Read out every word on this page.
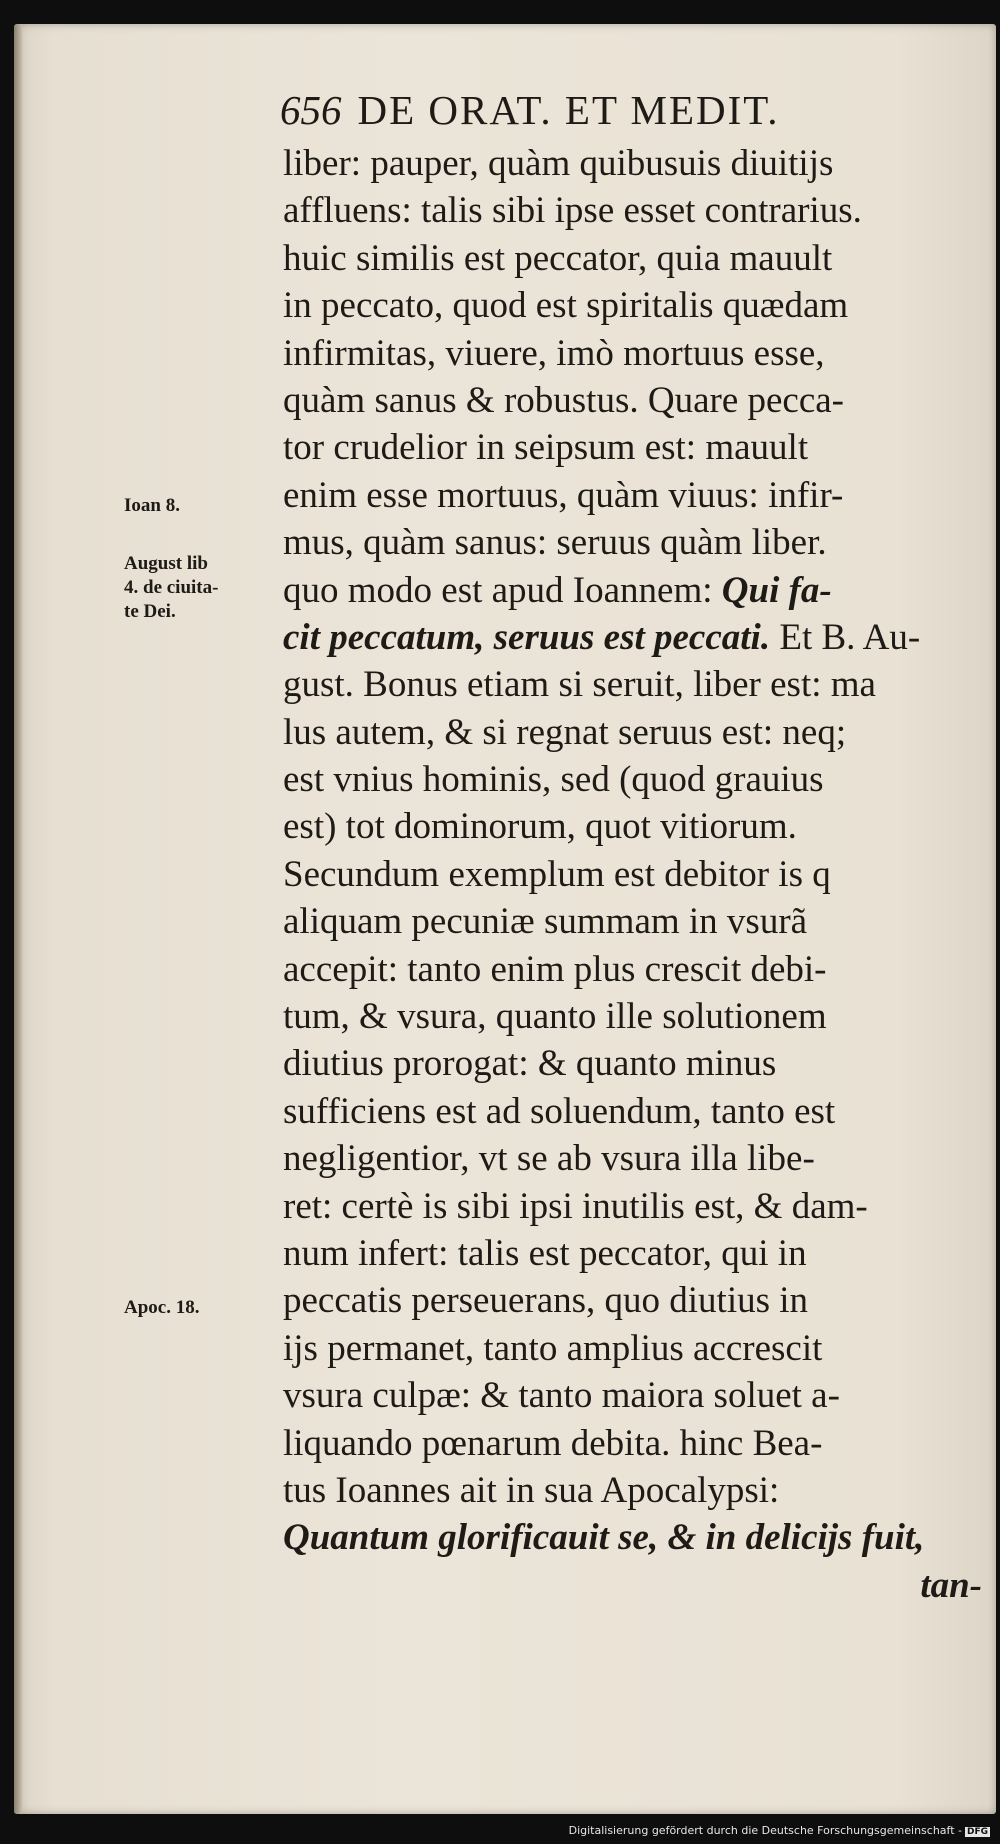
656 DE ORAT. ET MEDIT.
Ioan 8.
August lib
4. de ciuita-
te Dei.
Apoc. 18.
liber: pauper, quàm quibusuis diuitijs
affluens: talis sibi ipse esset contrarius.
huic similis est peccator, quia mauult
in peccato, quod est spiritalis quædam
infirmitas, viuere, imò mortuus esse,
quàm sanus & robustus. Quare pecca-
tor crudelior in seipsum est: mauult
enim esse mortuus, quàm viuus: infir-
mus, quàm sanus: seruus quàm liber.
quo modo est apud Ioannem: Qui fa-
cit peccatum, seruus est peccati. Et B. Au-
gust. Bonus etiam si seruit, liber est: ma
lus autem, & si regnat seruus est: neq;
est vnius hominis, sed (quod grauius
est) tot dominorum, quot vitiorum.
Secundum exemplum est debitor is q
aliquam pecuniæ summam in vsurã
accepit: tanto enim plus crescit debi-
tum, & vsura, quanto ille solutionem
diutius prorogat: & quanto minus
sufficiens est ad soluendum, tanto est
negligentior, vt se ab vsura illa libe-
ret: certè is sibi ipsi inutilis est, & dam-
num infert: talis est peccator, qui in
peccatis perseuerans, quo diutius in
ijs permanet, tanto amplius accrescit
vsura culpæ: & tanto maiora soluet a-
liquando pœnarum debita. hinc Bea-
tus Ioannes ait in sua Apocalypsi:
Quantum glorificauit se, & in delicijs fuit,
tan-
Digitalisierung gefördert durch die Deutsche Forschungsgemeinschaft - DFG
